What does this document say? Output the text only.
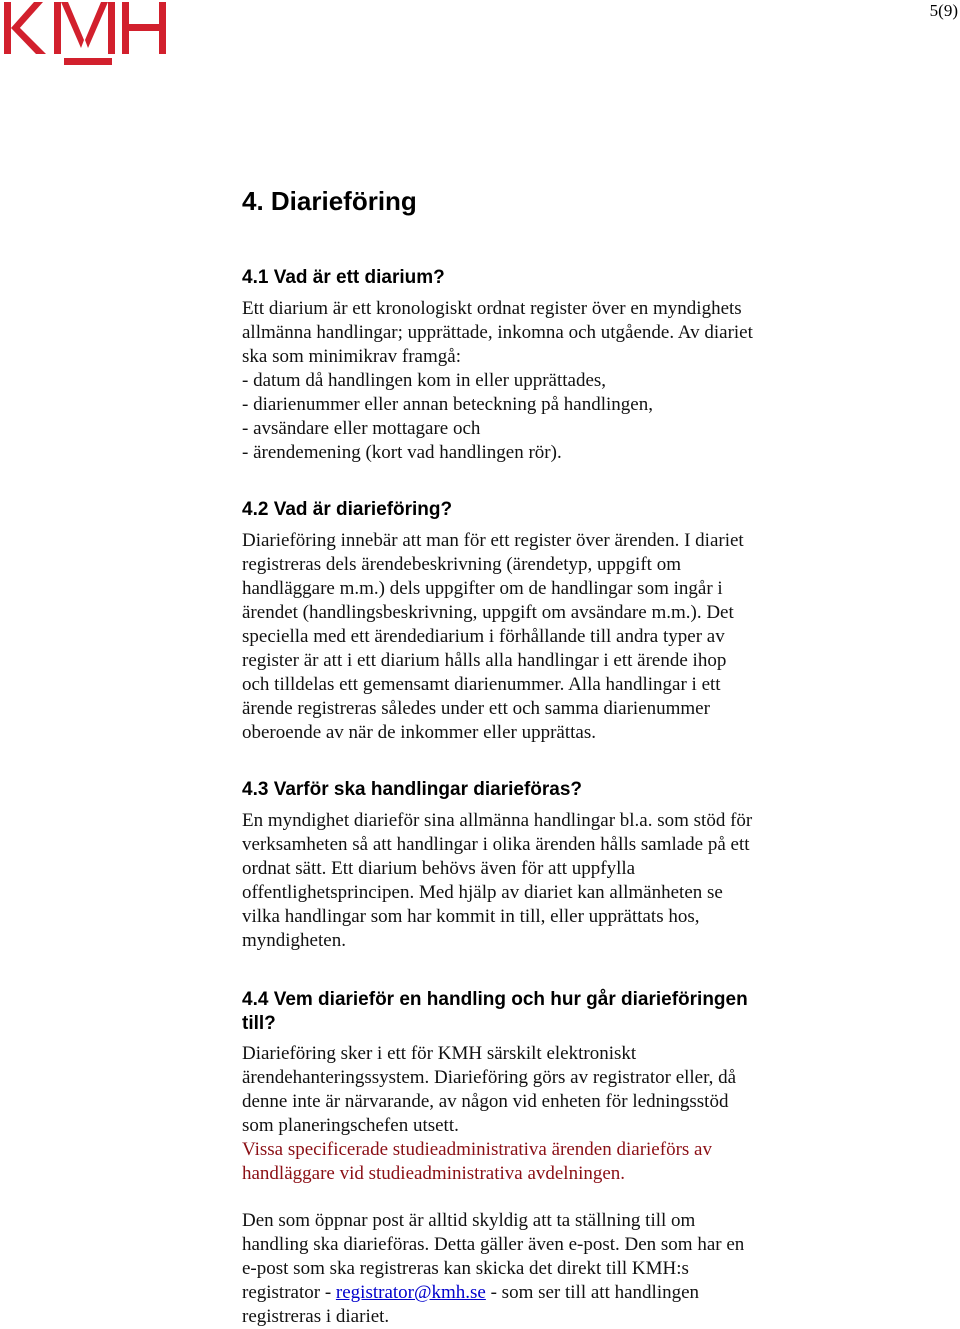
5(9)
4. Diarieföring
4.1 Vad är ett diarium?

Ett diarium är ett kronologiskt ordnat register över en myndighets
allmänna handlingar; upprättade, inkomna och utgående. Av diariet
ska som minimikrav framgå:
- datum då handlingen kom in eller upprättades,
- diarienummer eller annan beteckning på handlingen,
- avsändare eller mottagare och
- ärendemening (kort vad handlingen rör).

4.2 Vad är diarieföring?

Diarieföring innebär att man för ett register över ärenden. I diariet
registreras dels ärendebeskrivning (ärendetyp, uppgift om
handläggare m.m.) dels uppgifter om de handlingar som ingår i
ärendet (handlingsbeskrivning, uppgift om avsändare m.m.). Det
speciella med ett ärendediarium i förhållande till andra typer av
register är att i ett diarium hålls alla handlingar i ett ärende ihop
och tilldelas ett gemensamt diarienummer. Alla handlingar i ett
ärende registreras således under ett och samma diarienummer
oberoende av när de inkommer eller upprättas.

4.3 Varför ska handlingar diarieföras?

En myndighet diarieför sina allmänna handlingar bl.a. som stöd för
verksamheten så att handlingar i olika ärenden hålls samlade på ett
ordnat sätt. Ett diarium behövs även för att uppfylla
offentlighetsprincipen. Med hjälp av diariet kan allmänheten se
vilka handlingar som har kommit in till, eller upprättats hos,
myndigheten.

4.4 Vem diarieför en handling och hur går diarieföringen
till?

Diarieföring sker i ett för KMH särskilt elektroniskt
ärendehanteringssystem. Diarieföring görs av registrator eller, då
denne inte är närvarande, av någon vid enheten för ledningsstöd
som planeringschefen utsett.
Vissa specificerade studieadministrativa ärenden diarieförs av
handläggare vid studieadministrativa avdelningen.

Den som öppnar post är alltid skyldig att ta ställning till om
handling ska diarieföras. Detta gäller även e-post. Den som har en
e-post som ska registreras kan skicka det direkt till KMH:s
registrator - registrator@kmh.se - som ser till att handlingen
registreras i diariet.
